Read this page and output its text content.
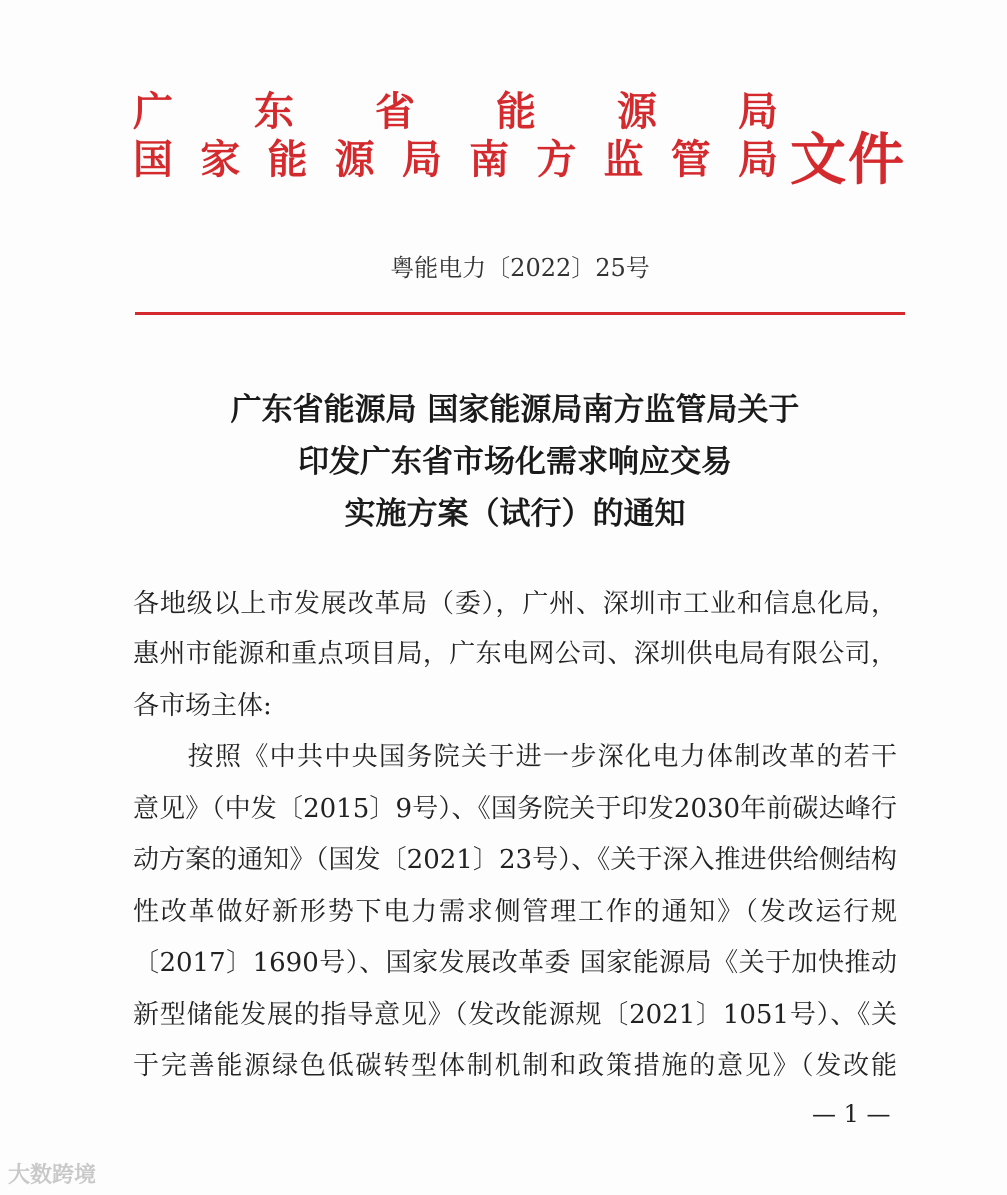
广　　东　　省　　能　　源　　局
国家能源局南方监管局 文件
粤能电力〔2022〕25号
广东省能源局 国家能源局南方监管局关于
印发广东省市场化需求响应交易
实施方案（试行）的通知
各地级以上市发展改革局（委），广州、深圳市工业和信息化局，
惠州市能源和重点项目局，广东电网公司、深圳供电局有限公司，
各市场主体:
　　按照《中共中央国务院关于进一步深化电力体制改革的若干
意见》（中发〔2015〕9号）、《国务院关于印发2030年前碳达峰行
动方案的通知》（国发〔2021〕23号）、《关于深入推进供给侧结构
性改革做好新形势下电力需求侧管理工作的通知》（发改运行规
〔2017〕1690号）、国家发展改革委 国家能源局《关于加快推动
新型储能发展的指导意见》（发改能源规〔2021〕1051号）、《关
于完善能源绿色低碳转型体制机制和政策措施的意见》（发改能
— 1 —
大数跨境
